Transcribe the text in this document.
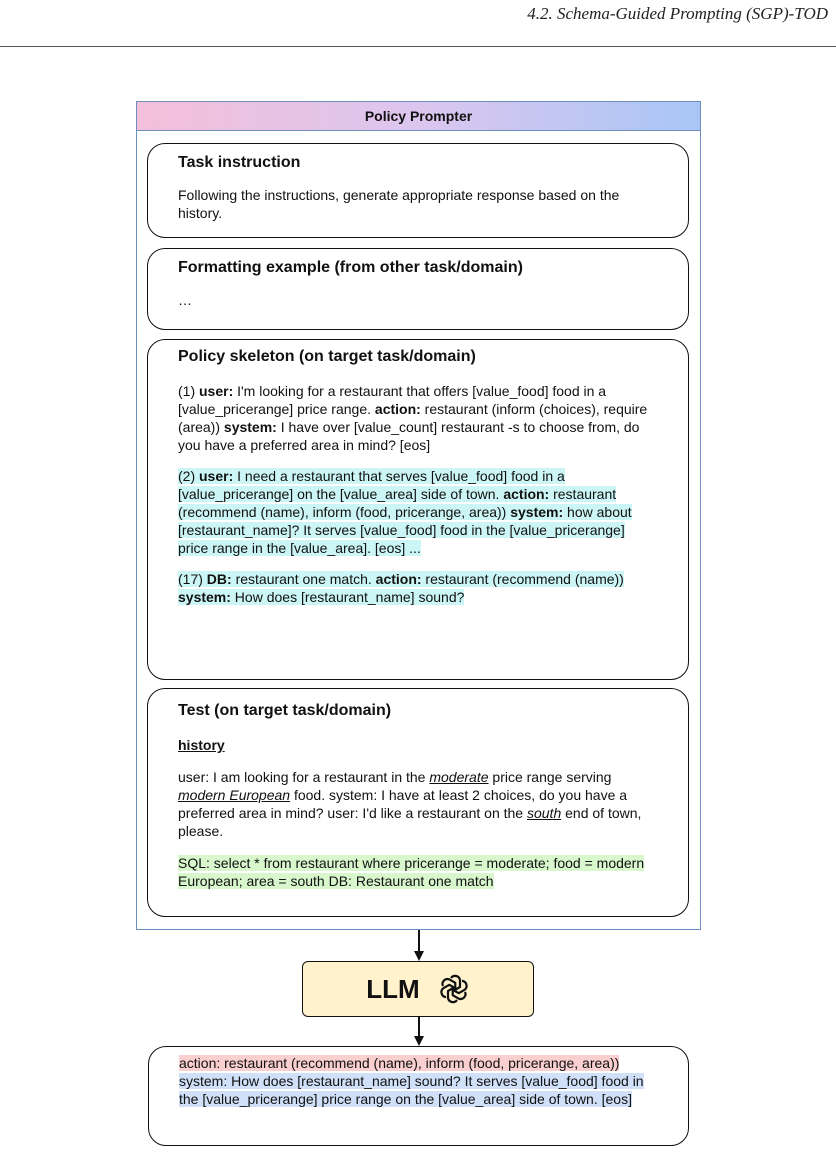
4.2. Schema-Guided Prompting (SGP)-TOD
Policy Prompter
Task instruction

Following the instructions, generate appropriate response based on the history.

Formatting example (from other task/domain)

…

Policy skeleton (on target task/domain)

(1) user: I'm looking for a restaurant that offers [value_food] food in a [value_pricerange] price range. action: restaurant (inform (choices), require (area)) system: I have over [value_count] restaurant -s to choose from, do you have a preferred area in mind? [eos]

(2) user: I need a restaurant that serves [value_food] food in a [value_pricerange] on the [value_area] side of town. action: restaurant (recommend (name), inform (food, pricerange, area)) system: how about [restaurant_name]? It serves [value_food] food in the [value_pricerange] price range in the [value_area]. [eos] ...

(17) DB: restaurant one match. action: restaurant (recommend (name)) system: How does [restaurant_name] sound?

Test (on target task/domain)

history

user: I am looking for a restaurant in the moderate price range serving modern European food. system: I have at least 2 choices, do you have a preferred area in mind? user: I'd like a restaurant on the south end of town, please.

SQL: select * from restaurant where pricerange = moderate; food = modern European; area = south DB: Restaurant one match

LLM

action: restaurant (recommend (name), inform (food, pricerange, area)) system: How does [restaurant_name] sound? It serves [value_food] food in the [value_pricerange] price range on the [value_area] side of town. [eos]
